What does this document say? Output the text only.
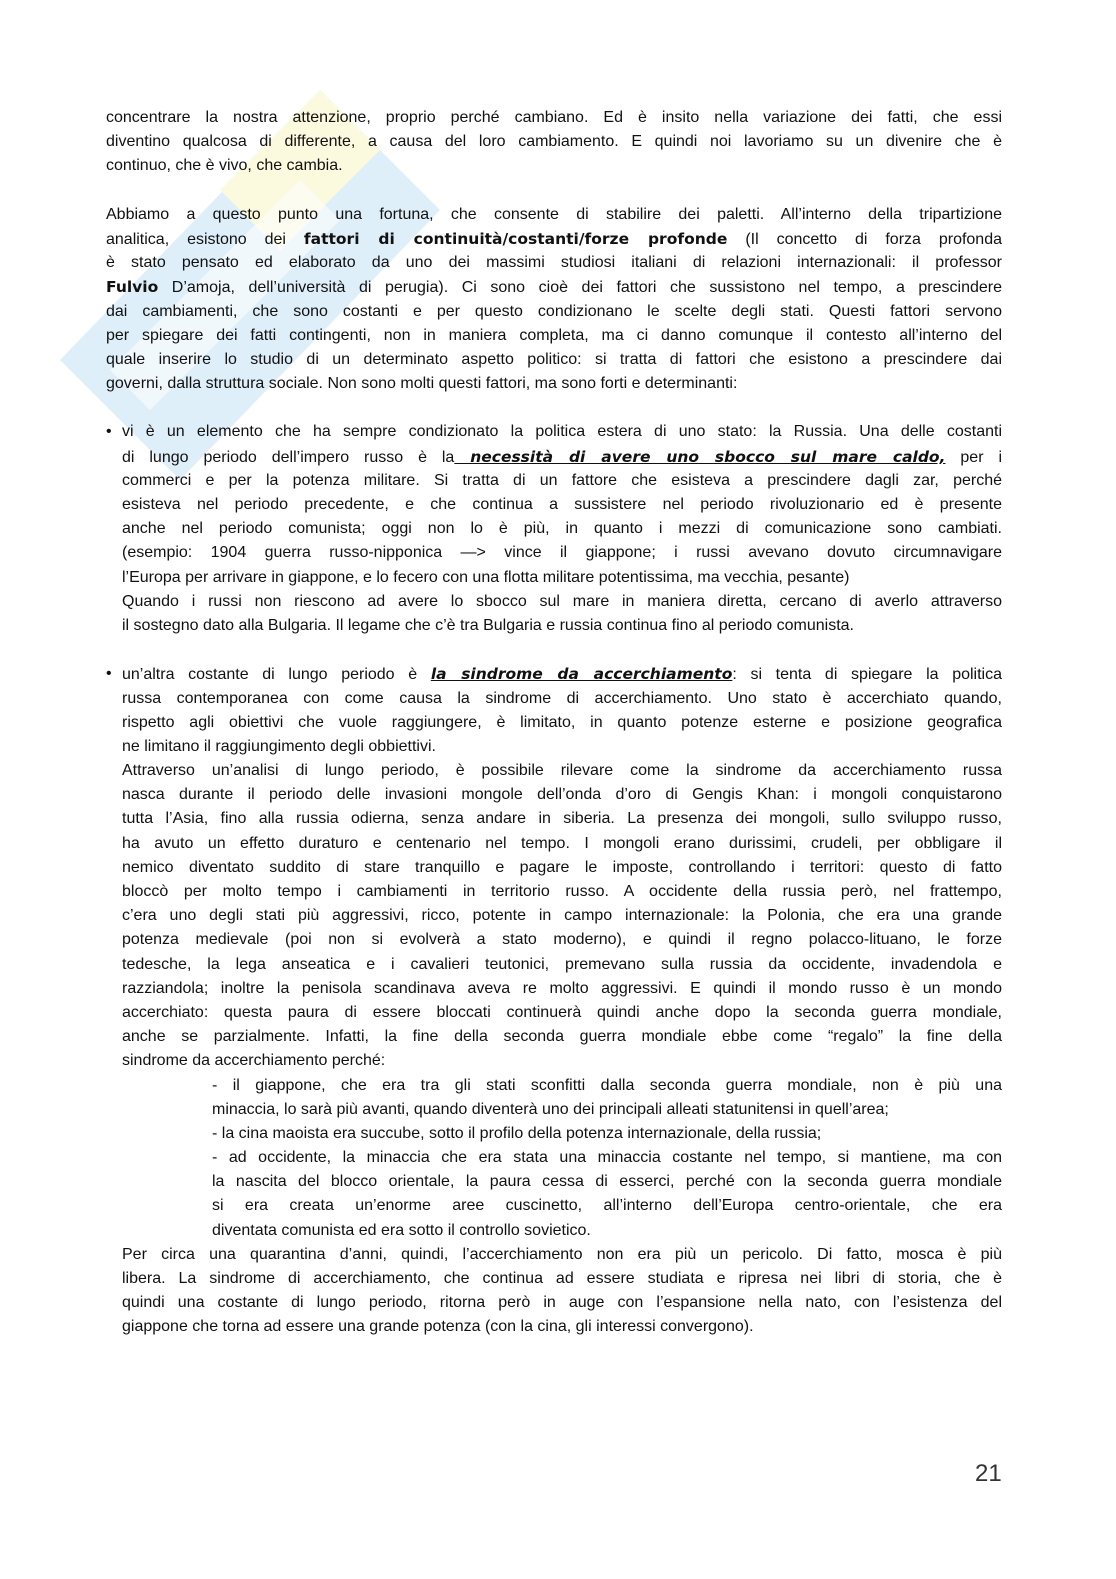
concentrare la nostra attenzione, proprio perché cambiano. Ed è insito nella variazione dei fatti, che essi
diventino qualcosa di differente, a causa del loro cambiamento. E quindi noi lavoriamo su un divenire che è
continuo, che è vivo, che cambia.
Abbiamo a questo punto una fortuna, che consente di stabilire dei paletti. All’interno della tripartizione
analitica, esistono dei fattori di continuità/costanti/forze profonde (Il concetto di forza profonda
è stato pensato ed elaborato da uno dei massimi studiosi italiani di relazioni internazionali: il professor
Fulvio D’amoja, dell’università di perugia). Ci sono cioè dei fattori che sussistono nel tempo, a prescindere
dai cambiamenti, che sono costanti e per questo condizionano le scelte degli stati. Questi fattori servono
per spiegare dei fatti contingenti, non in maniera completa, ma ci danno comunque il contesto all’interno del
quale inserire lo studio di un determinato aspetto politico: si tratta di fattori che esistono a prescindere dai
governi, dalla struttura sociale. Non sono molti questi fattori, ma sono forti e determinanti:
• vi è un elemento che ha sempre condizionato la politica estera di uno stato: la Russia. Una delle costanti
di lungo periodo dell’impero russo è la necessità di avere uno sbocco sul mare caldo, per i
commerci e per la potenza militare. Si tratta di un fattore che esisteva a prescindere dagli zar, perché
esisteva nel periodo precedente, e che continua a sussistere nel periodo rivoluzionario ed è presente
anche nel periodo comunista; oggi non lo è più, in quanto i mezzi di comunicazione sono cambiati.
(esempio: 1904 guerra russo-nipponica —> vince il giappone; i russi avevano dovuto circumnavigare
l’Europa per arrivare in giappone, e lo fecero con una flotta militare potentissima, ma vecchia, pesante)
Quando i russi non riescono ad avere lo sbocco sul mare in maniera diretta, cercano di averlo attraverso
il sostegno dato alla Bulgaria. Il legame che c’è tra Bulgaria e russia continua fino al periodo comunista.
• un’altra costante di lungo periodo è la sindrome da accerchiamento: si tenta di spiegare la politica
russa contemporanea con come causa la sindrome di accerchiamento. Uno stato è accerchiato quando,
rispetto agli obiettivi che vuole raggiungere, è limitato, in quanto potenze esterne e posizione geografica
ne limitano il raggiungimento degli obbiettivi.
Attraverso un’analisi di lungo periodo, è possibile rilevare come la sindrome da accerchiamento russa
nasca durante il periodo delle invasioni mongole dell’onda d’oro di Gengis Khan: i mongoli conquistarono
tutta l’Asia, fino alla russia odierna, senza andare in siberia. La presenza dei mongoli, sullo sviluppo russo,
ha avuto un effetto duraturo e centenario nel tempo. I mongoli erano durissimi, crudeli, per obbligare il
nemico diventato suddito di stare tranquillo e pagare le imposte, controllando i territori: questo di fatto
bloccò per molto tempo i cambiamenti in territorio russo. A occidente della russia però, nel frattempo,
c’era uno degli stati più aggressivi, ricco, potente in campo internazionale: la Polonia, che era una grande
potenza medievale (poi non si evolverà a stato moderno), e quindi il regno polacco-lituano, le forze
tedesche, la lega anseatica e i cavalieri teutonici, premevano sulla russia da occidente, invadendola e
razziandola; inoltre la penisola scandinava aveva re molto aggressivi. E quindi il mondo russo è un mondo
accerchiato: questa paura di essere bloccati continuerà quindi anche dopo la seconda guerra mondiale,
anche se parzialmente. Infatti, la fine della seconda guerra mondiale ebbe come “regalo” la fine della
sindrome da accerchiamento perché:
- il giappone, che era tra gli stati sconfitti dalla seconda guerra mondiale, non è più una
minaccia, lo sarà più avanti, quando diventerà uno dei principali alleati statunitensi in quell’area;
- la cina maoista era succube, sotto il profilo della potenza internazionale, della russia;
- ad occidente, la minaccia che era stata una minaccia costante nel tempo, si mantiene, ma con
la nascita del blocco orientale, la paura cessa di esserci, perché con la seconda guerra mondiale
si era creata un’enorme aree cuscinetto, all’interno dell’Europa centro-orientale, che era
diventata comunista ed era sotto il controllo sovietico.
Per circa una quarantina d’anni, quindi, l’accerchiamento non era più un pericolo. Di fatto, mosca è più
libera. La sindrome di accerchiamento, che continua ad essere studiata e ripresa nei libri di storia, che è
quindi una costante di lungo periodo, ritorna però in auge con l’espansione nella nato, con l’esistenza del
giappone che torna ad essere una grande potenza (con la cina, gli interessi convergono).
21
